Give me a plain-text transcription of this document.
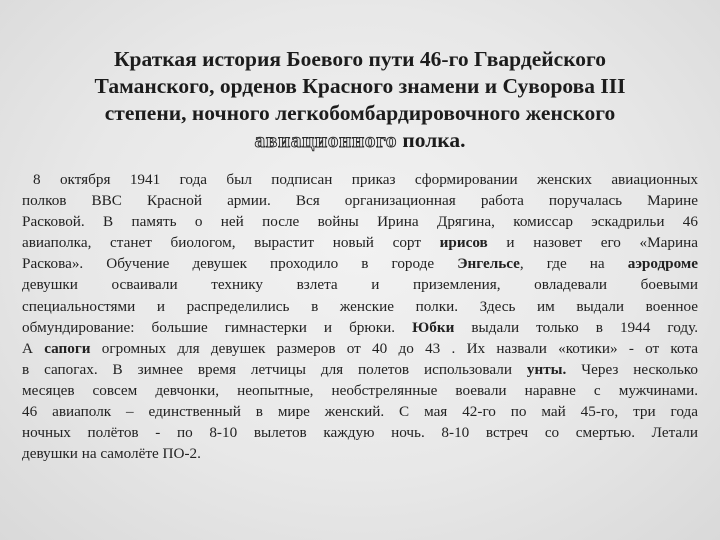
Краткая история Боевого пути 46-го Гвардейского
Таманского, орденов Красного знамени и Суворова III
степени, ночного легкобомбардировочного женского
авиационного полка.
8 октября 1941 года был подписан приказ сформировании женских авиационных
полков ВВС Красной армии. Вся организационная работа поручалась Марине
Расковой. В память о ней после войны Ирина Дрягина, комиссар эскадрильи 46
авиаполка, станет биологом, вырастит новый сорт ирисов и назовет его «Марина
Раскова». Обучение девушек проходило в городе Энгельсе, где на аэродроме
девушки осваивали технику взлета и приземления, овладевали боевыми
специальностями и распределились в женские полки. Здесь им выдали военное
обмундирование: большие гимнастерки и брюки. Юбки выдали только в 1944 году.
А сапоги огромных для девушек размеров от 40 до 43 . Их назвали «котики» - от кота
в сапогах. В зимнее время летчицы для полетов использовали унты. Через несколько
месяцев совсем девчонки, неопытные, необстрелянные воевали наравне с мужчинами.
46 авиаполк – единственный в мире женский. С мая 42-го по май 45-го, три года
ночных полётов - по 8-10 вылетов каждую ночь. 8-10 встреч со смертью. Летали
девушки на самолёте ПО-2.
